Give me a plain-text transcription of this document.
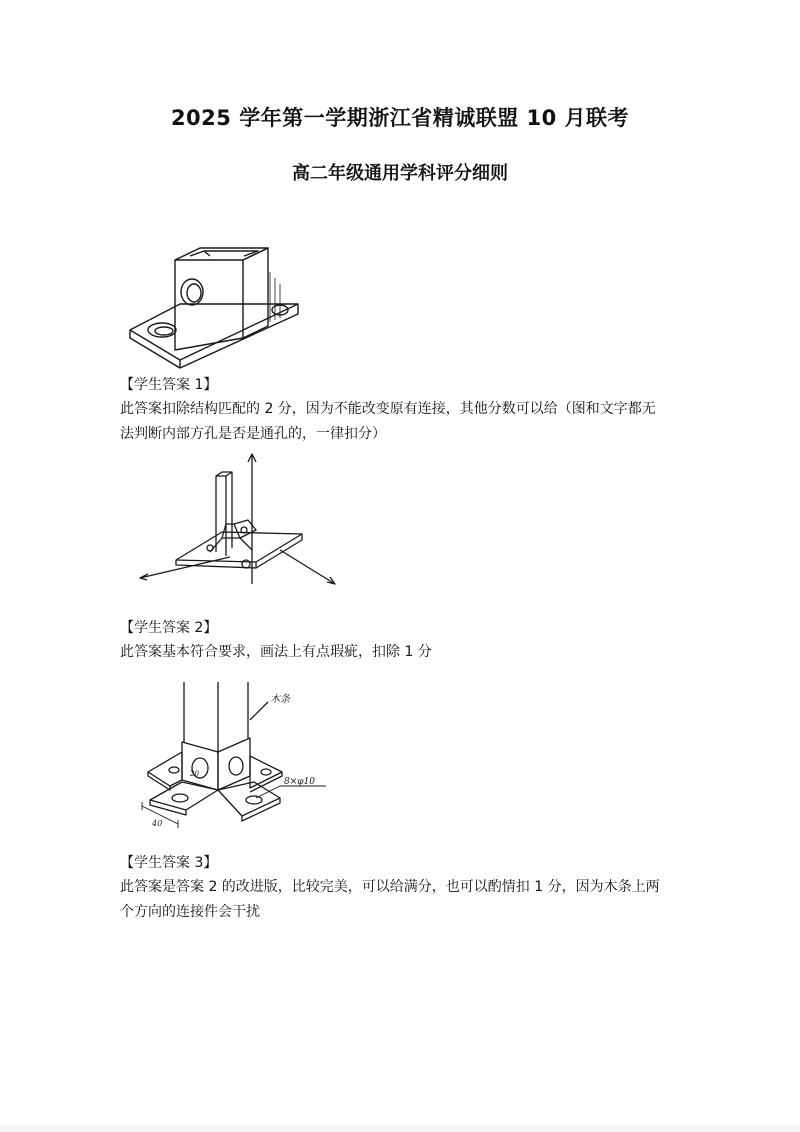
2025 学年第一学期浙江省精诚联盟 10 月联考
高二年级通用学科评分细则
【学生答案 1】
此答案扣除结构匹配的 2 分，因为不能改变原有连接，其他分数可以给（图和文字都无
法判断内部方孔是否是通孔的，一律扣分）
【学生答案 2】
此答案基本符合要求，画法上有点瑕疵，扣除 1 分
木条
40
20
8×φ10
【学生答案 3】
此答案是答案 2 的改进版，比较完美，可以给满分，也可以酌情扣 1 分，因为木条上两
个方向的连接件会干扰
